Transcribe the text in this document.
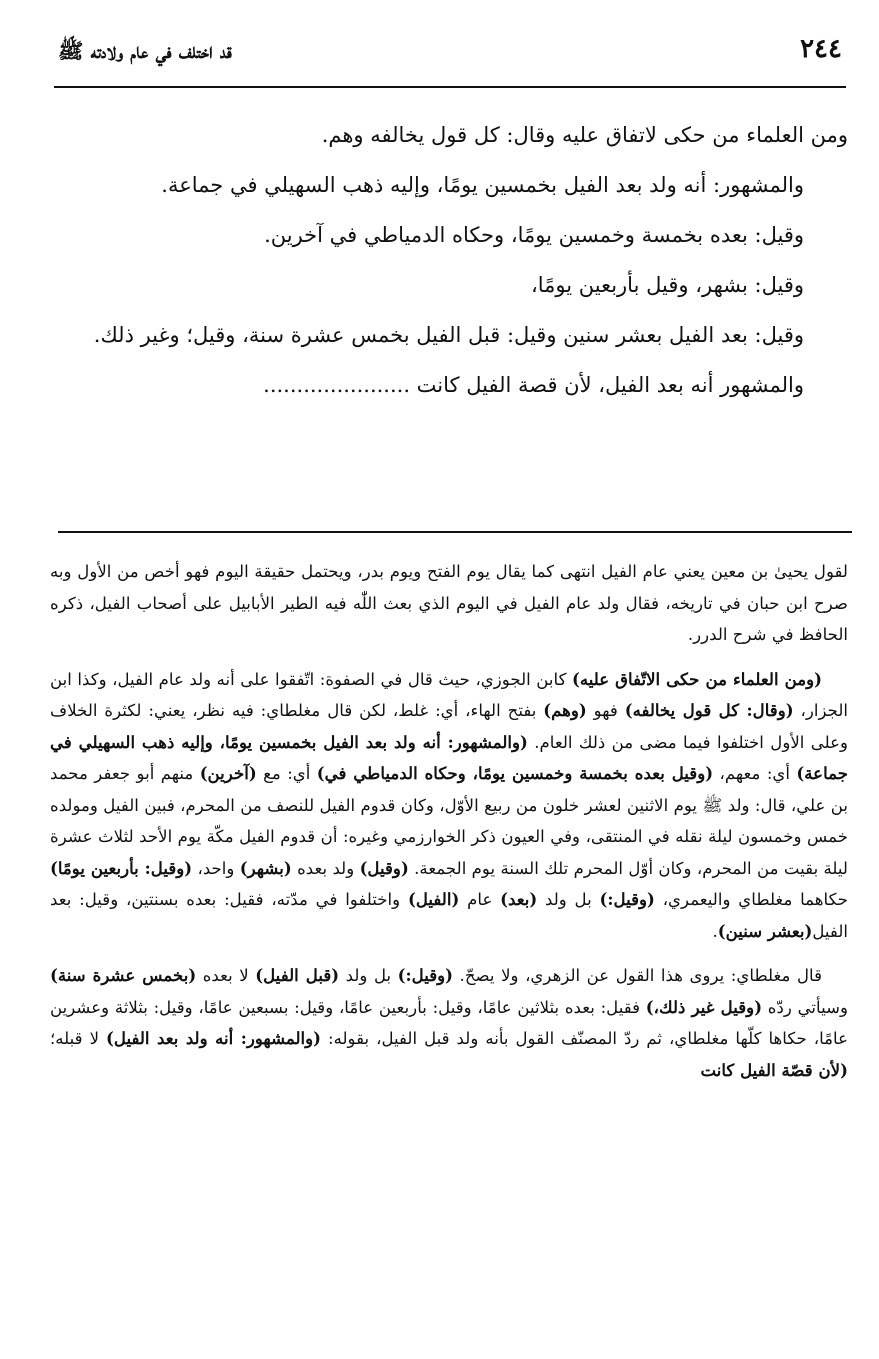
٢٤٤
قد اختلف في عام ولادته ﷺ

ومن العلماء من حكى لاتفاق عليه وقال: كل قول يخالفه وهم.

والمشهور: أنه ولد بعد الفيل بخمسين يومًا، وإليه ذهب السهيلي في جماعة.

وقيل: بعده بخمسة وخمسين يومًا، وحكاه الدمياطي في آخرين.

وقيل: بشهر، وقيل بأربعين يومًا،

وقيل: بعد الفيل بعشر سنين وقيل: قبل الفيل بخمس عشرة سنة، وقيل؛ وغير ذلك.

والمشهور أنه بعد الفيل، لأن قصة الفيل كانت ......................

لقول يحيىٰ بن معين يعني عام الفيل انتهى كما يقال يوم الفتح ويوم بدر، ويحتمل حقيقة اليوم فهو أخص من الأول وبه صرح ابن حبان في تاريخه، فقال ولد عام الفيل في اليوم الذي بعث اللّٰه فيه الطير الأبابيل على أصحاب الفيل، ذكره الحافظ في شرح الدرر.

(ومن العلماء من حكى الاتّفاق عليه) كابن الجوزي، حيث قال في الصفوة: اتّفقوا على أنه ولد عام الفيل، وكذا ابن الجزار، (وقال: كل قول يخالفه) فهو (وهم) بفتح الهاء، أي: غلط، لكن قال مغلطاي: فيه نظر، يعني: لكثرة الخلاف وعلى الأول اختلفوا فيما مضى من ذلك العام. (والمشهور: أنه ولد بعد الفيل بخمسين يومًا، وإليه ذهب السهيلي في جماعة) أي: معهم، (وقيل بعده بخمسة وخمسين يومًا، وحكاه الدمياطي في) أي: مع (آخرين) منهم أبو جعفر محمد بن علي، قال: ولد ﷺ يوم الاثنين لعشر خلون من ربيع الأوّل، وكان قدوم الفيل للنصف من المحرم، فبين الفيل ومولده خمس وخمسون ليلة نقله في المنتقى، وفي العيون ذكر الخوارزمي وغيره: أن قدوم الفيل مكّة يوم الأحد لثلاث عشرة ليلة بقيت من المحرم، وكان أوّل المحرم تلك السنة يوم الجمعة. (وقيل) ولد بعده (بشهر) واحد، (وقيل: بأربعين يومًا) حكاهما مغلطاي واليعمري، (وقيل:) بل ولد (بعد) عام (الفيل) واختلفوا في مدّته، فقيل: بعده بسنتين، وقيل: بعد الفيل(بعشر سنين).

قال مغلطاي: يروى هذا القول عن الزهري، ولا يصحّ. (وقيل:) بل ولد (قبل الفيل) لا بعده (بخمس عشرة سنة) وسيأتي ردّه (وقيل غير ذلك،) فقيل: بعده بثلاثين عامًا، وقيل: بأربعين عامًا، وقيل: بسبعين عامًا، وقيل: بثلاثة وعشرين عامًا، حكاها كلّها مغلطاي، ثم ردّ المصنّف القول بأنه ولد قبل الفيل، بقوله: (والمشهور: أنه ولد بعد الفيل) لا قبله؛ (لأن قصّة الفيل كانت
